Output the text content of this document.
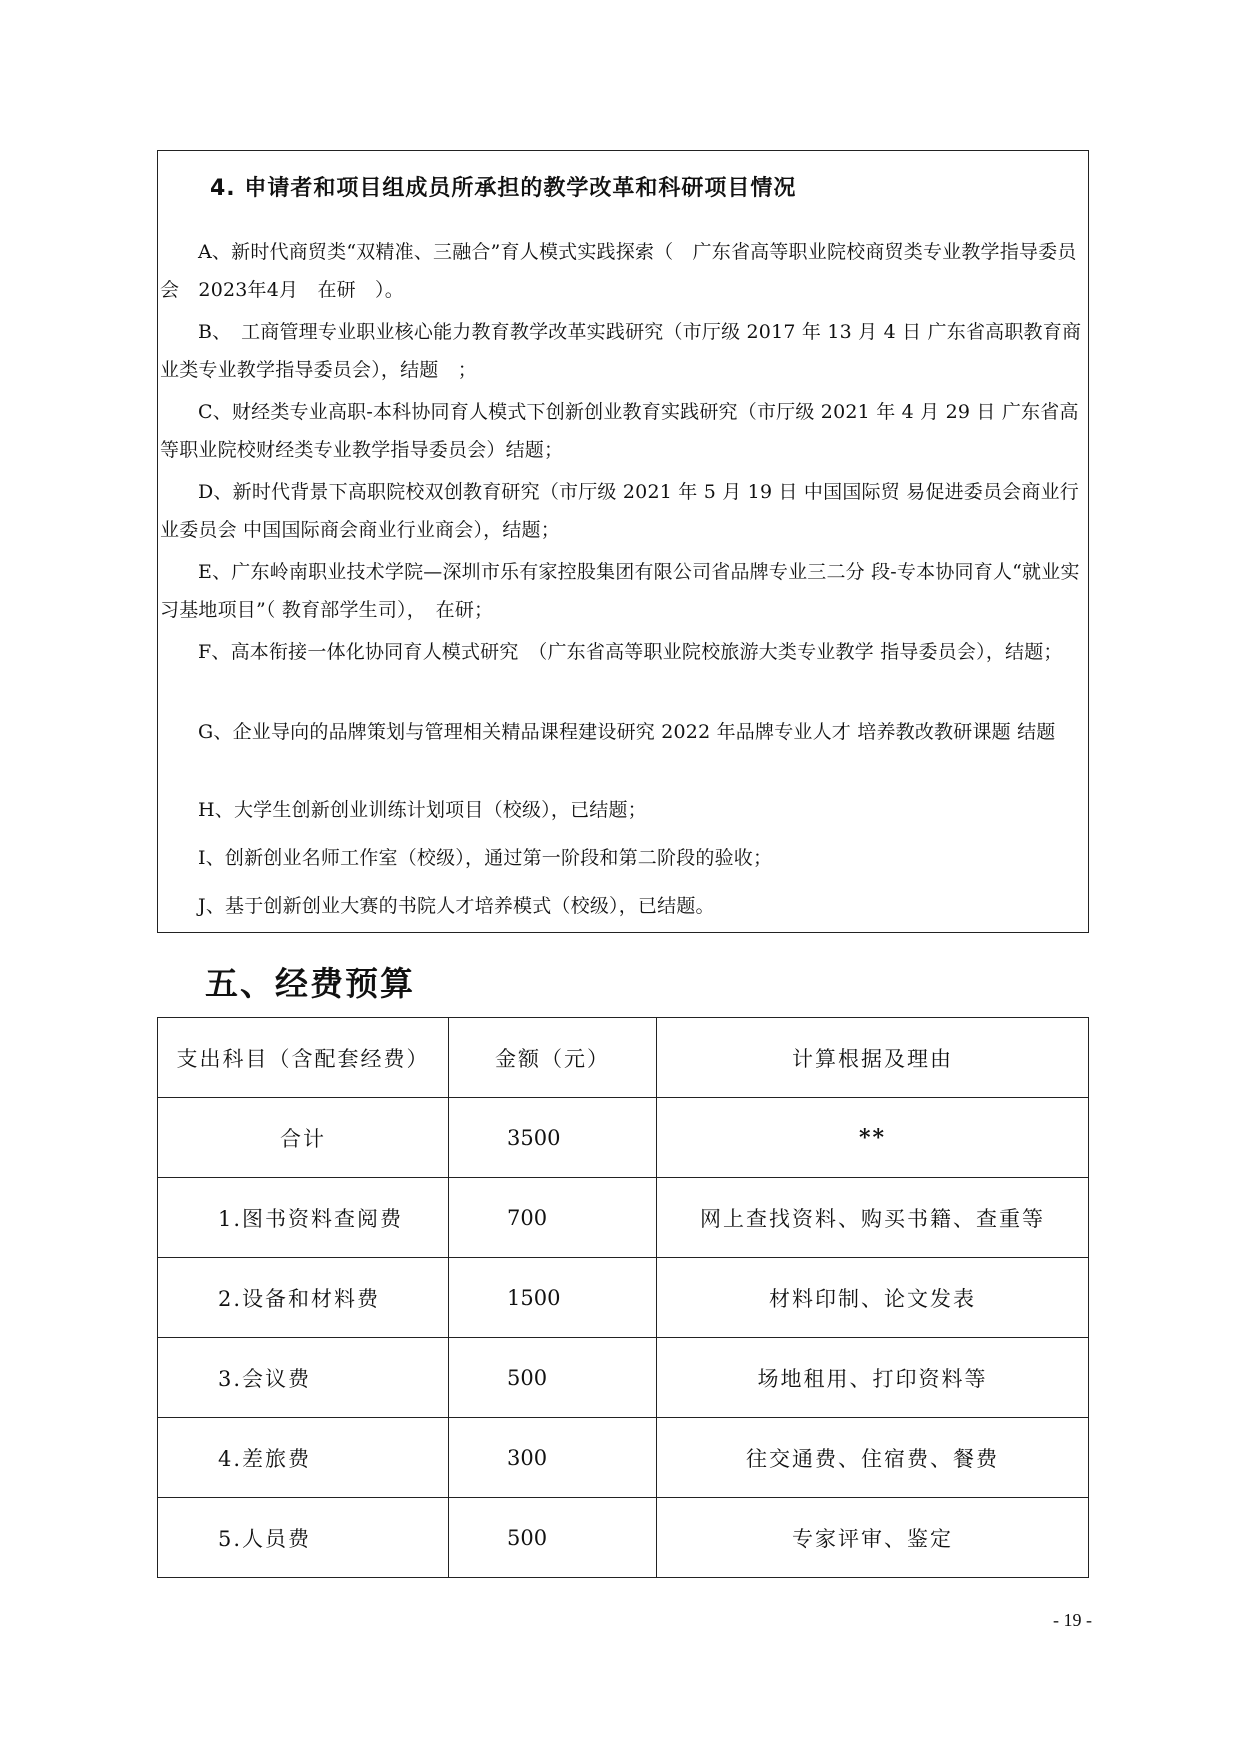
4. 申请者和项目组成员所承担的教学改革和科研项目情况
A、新时代商贸类“双精准、三融合”育人模式实践探索（　广东省高等职业院校商贸类专业教学指导委员会　2023年4月　在研　）。
B、　工商管理专业职业核心能力教育教学改革实践研究（市厅级 2017 年 13 月 4 日 广东省高职教育商业类专业教学指导委员会），结题　；
C、财经类专业高职-本科协同育人模式下创新创业教育实践研究（市厅级 2021 年 4 月 29 日 广东省高等职业院校财经类专业教学指导委员会）结题；
D、新时代背景下高职院校双创教育研究（市厅级 2021 年 5 月 19 日 中国国际贸 易促进委员会商业行业委员会 中国国际商会商业行业商会），结题；
E、广东岭南职业技术学院—深圳市乐有家控股集团有限公司省品牌专业三二分 段-专本协同育人“就业实习基地项目”（ 教育部学生司），　在研；
F、高本衔接一体化协同育人模式研究　（广东省高等职业院校旅游大类专业教学 指导委员会），结题；
G、企业导向的品牌策划与管理相关精品课程建设研究 2022 年品牌专业人才 培养教改教研课题 结题
H、大学生创新创业训练计划项目（校级），已结题；
I、创新创业名师工作室（校级），通过第一阶段和第二阶段的验收；
J、基于创新创业大赛的书院人才培养模式（校级），已结题。
五、经费预算
支出科目（含配套经费）	金额（元）	计算根据及理由
合计	3500	**
1.图书资料查阅费	700	网上查找资料、购买书籍、查重等
2.设备和材料费	1500	材料印制、论文发表
3.会议费	500	场地租用、打印资料等
4.差旅费	300	往交通费、住宿费、餐费
5.人员费	500	专家评审、鉴定
- 19 -
